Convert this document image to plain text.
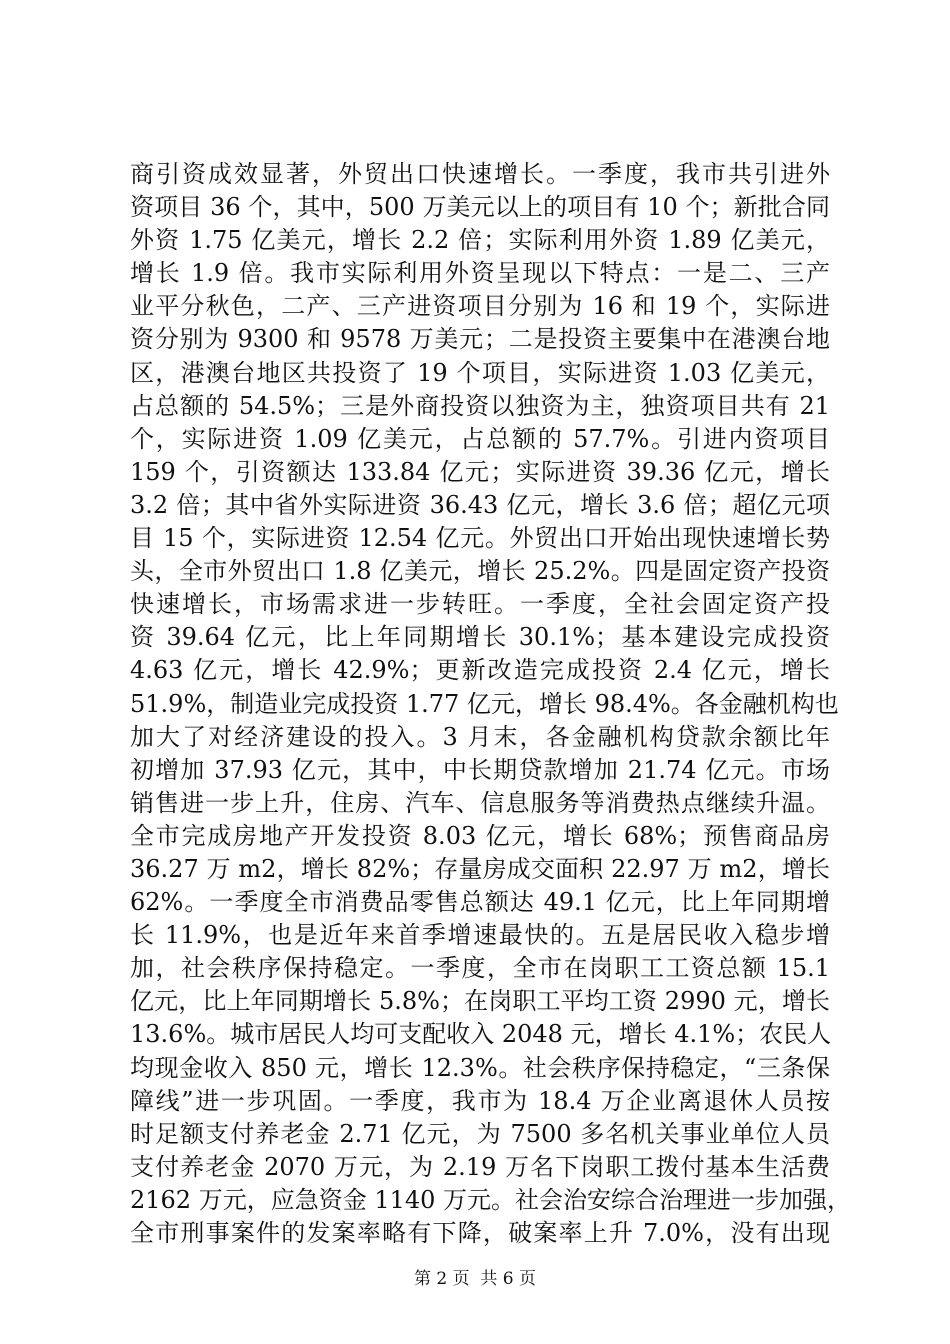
商引资成效显著，外贸出口快速增长。一季度，我市共引进外
资项目 36 个，其中，500 万美元以上的项目有 10 个；新批合同
外资 1.75 亿美元，增长 2.2 倍；实际利用外资 1.89 亿美元，
增长 1.9 倍。我市实际利用外资呈现以下特点：一是二、三产
业平分秋色，二产、三产进资项目分别为 16 和 19 个，实际进
资分别为 9300 和 9578 万美元；二是投资主要集中在港澳台地
区，港澳台地区共投资了 19 个项目，实际进资 1.03 亿美元，
占总额的 54.5%；三是外商投资以独资为主，独资项目共有 21
个，实际进资 1.09 亿美元，占总额的 57.7%。引进内资项目
159 个，引资额达 133.84 亿元；实际进资 39.36 亿元，增长
3.2 倍；其中省外实际进资 36.43 亿元，增长 3.6 倍；超亿元项
目 15 个，实际进资 12.54 亿元。外贸出口开始出现快速增长势
头，全市外贸出口 1.8 亿美元，增长 25.2%。四是固定资产投资
快速增长，市场需求进一步转旺。一季度，全社会固定资产投
资 39.64 亿元，比上年同期增长 30.1%；基本建设完成投资
4.63 亿元，增长 42.9%；更新改造完成投资 2.4 亿元，增长
51.9%，制造业完成投资 1.77 亿元，增长 98.4%。各金融机构也
加大了对经济建设的投入。3 月末，各金融机构贷款余额比年
初增加 37.93 亿元，其中，中长期贷款增加 21.74 亿元。市场
销售进一步上升，住房、汽车、信息服务等消费热点继续升温。
全市完成房地产开发投资 8.03 亿元，增长 68%；预售商品房
36.27 万 m2，增长 82%；存量房成交面积 22.97 万 m2，增长
62%。一季度全市消费品零售总额达 49.1 亿元，比上年同期增
长 11.9%，也是近年来首季增速最快的。五是居民收入稳步增
加，社会秩序保持稳定。一季度，全市在岗职工工资总额 15.1
亿元，比上年同期增长 5.8%；在岗职工平均工资 2990 元，增长
13.6%。城市居民人均可支配收入 2048 元，增长 4.1%；农民人
均现金收入 850 元，增长 12.3%。社会秩序保持稳定，“三条保
障线”进一步巩固。一季度，我市为 18.4 万企业离退休人员按
时足额支付养老金 2.71 亿元，为 7500 多名机关事业单位人员
支付养老金 2070 万元，为 2.19 万名下岗职工拨付基本生活费
2162 万元，应急资金 1140 万元。社会治安综合治理进一步加强，
全市刑事案件的发案率略有下降，破案率上升 7.0%，没有出现
第 2 页  共 6 页
